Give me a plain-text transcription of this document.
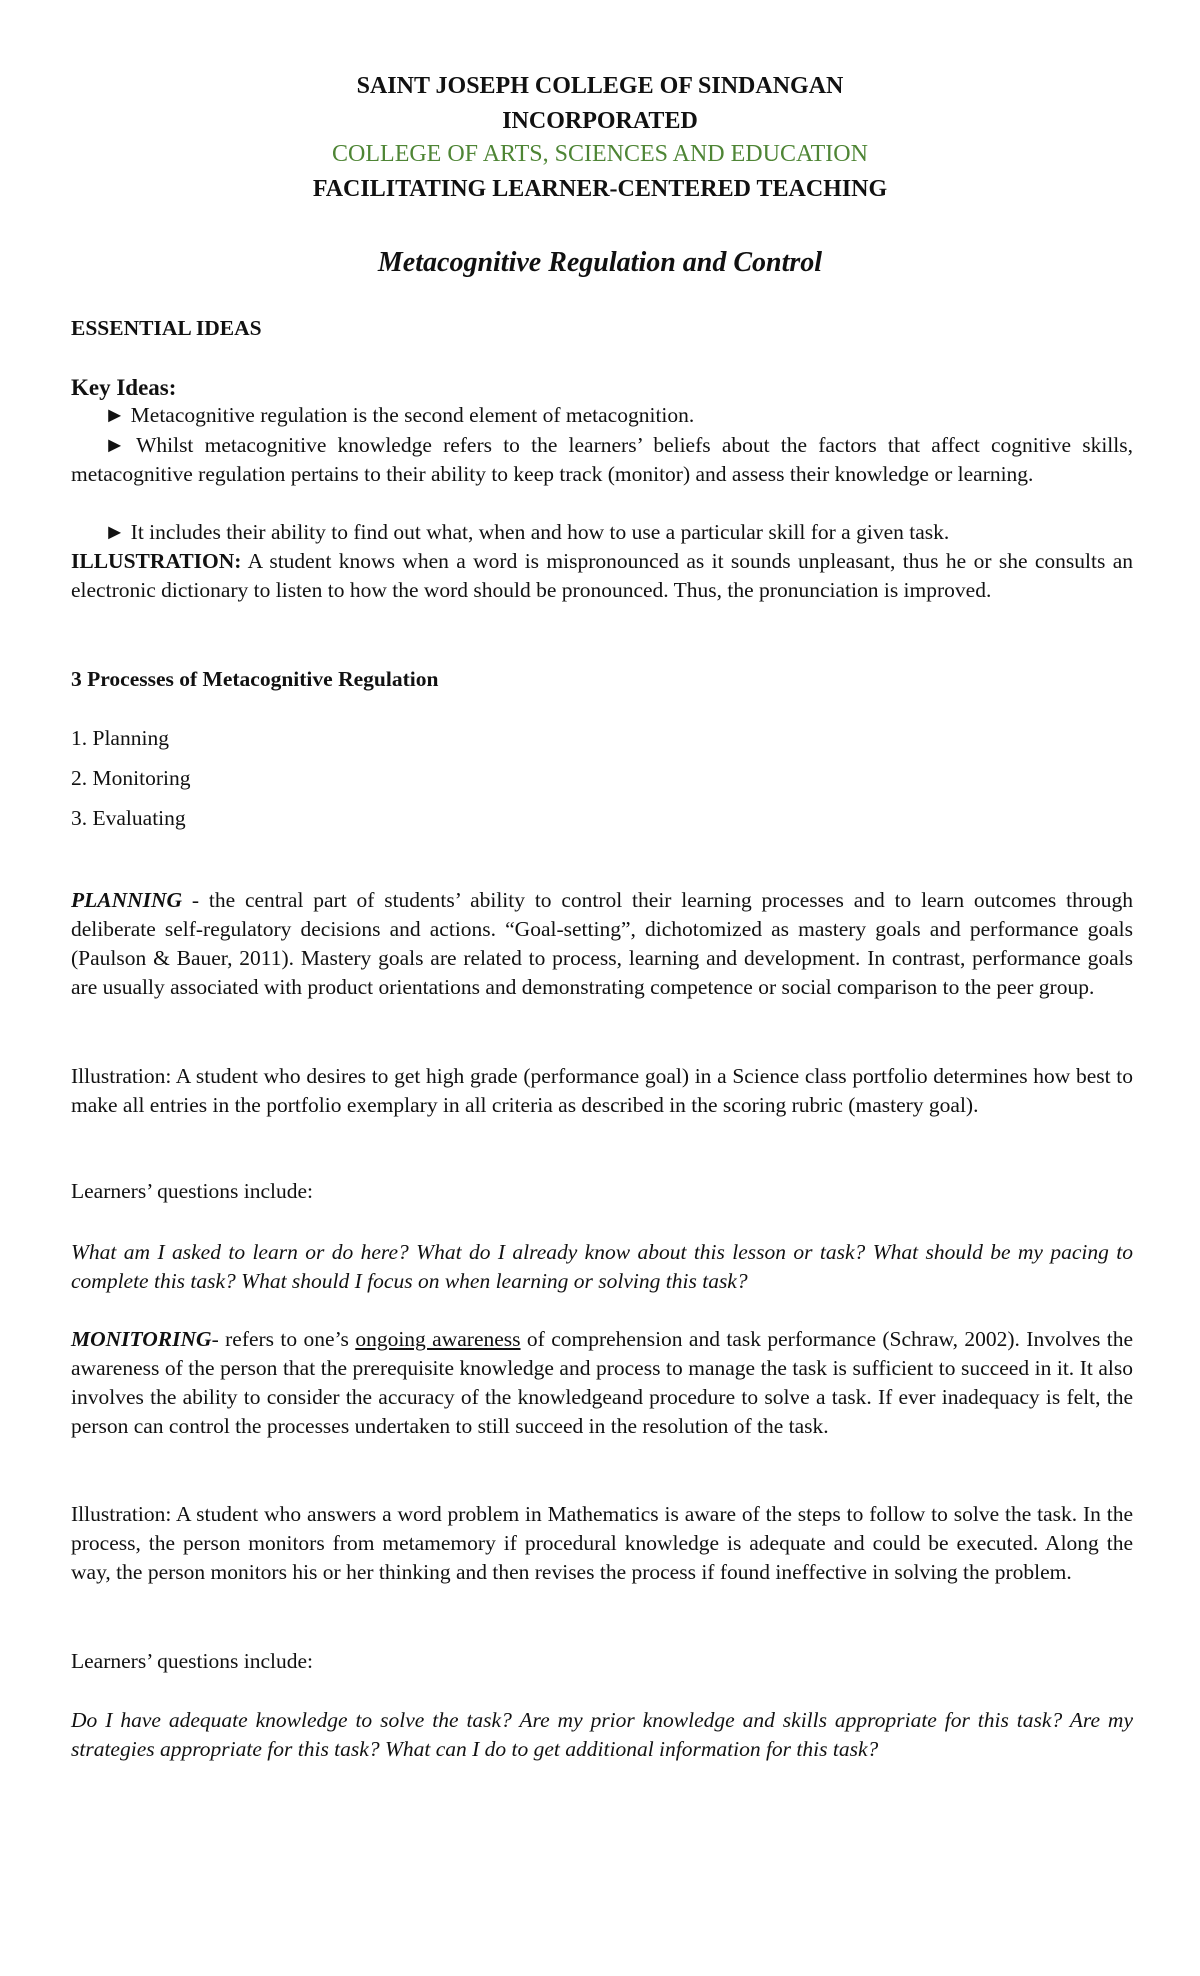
SAINT JOSEPH COLLEGE OF SINDANGAN
INCORPORATED
COLLEGE OF ARTS, SCIENCES AND EDUCATION
FACILITATING LEARNER-CENTERED TEACHING
Metacognitive Regulation and Control
ESSENTIAL IDEAS
Key Ideas:
► Metacognitive regulation is the second element of metacognition.
► Whilst metacognitive knowledge refers to the learners’ beliefs about the factors that affect cognitive skills, metacognitive regulation pertains to their ability to keep track (monitor) and assess their knowledge or learning.
► It includes their ability to find out what, when and how to use a particular skill for a given task.
ILLUSTRATION: A student knows when a word is mispronounced as it sounds unpleasant, thus he or she consults an electronic dictionary to listen to how the word should be pronounced. Thus, the pronunciation is improved.
3 Processes of Metacognitive Regulation
1. Planning
2. Monitoring
3. Evaluating
PLANNING - the central part of students’ ability to control their learning processes and to learn outcomes through deliberate self-regulatory decisions and actions. “Goal-setting”, dichotomized as mastery goals and performance goals (Paulson & Bauer, 2011). Mastery goals are related to process, learning and development. In contrast, performance goals are usually associated with product orientations and demonstrating competence or social comparison to the peer group.
Illustration: A student who desires to get high grade (performance goal) in a Science class portfolio determines how best to make all entries in the portfolio exemplary in all criteria as described in the scoring rubric (mastery goal).
Learners’ questions include:
What am I asked to learn or do here? What do I already know about this lesson or task? What should be my pacing to complete this task? What should I focus on when learning or solving this task?
MONITORING- refers to one’s ongoing awareness of comprehension and task performance (Schraw, 2002). Involves the awareness of the person that the prerequisite knowledge and process to manage the task is sufficient to succeed in it. It also involves the ability to consider the accuracy of the knowledgeand procedure to solve a task. If ever inadequacy is felt, the person can control the processes undertaken to still succeed in the resolution of the task.
Illustration: A student who answers a word problem in Mathematics is aware of the steps to follow to solve the task. In the process, the person monitors from metamemory if procedural knowledge is adequate and could be executed. Along the way, the person monitors his or her thinking and then revises the process if found ineffective in solving the problem.
Learners’ questions include:
Do I have adequate knowledge to solve the task? Are my prior knowledge and skills appropriate for this task? Are my strategies appropriate for this task? What can I do to get additional information for this task?
